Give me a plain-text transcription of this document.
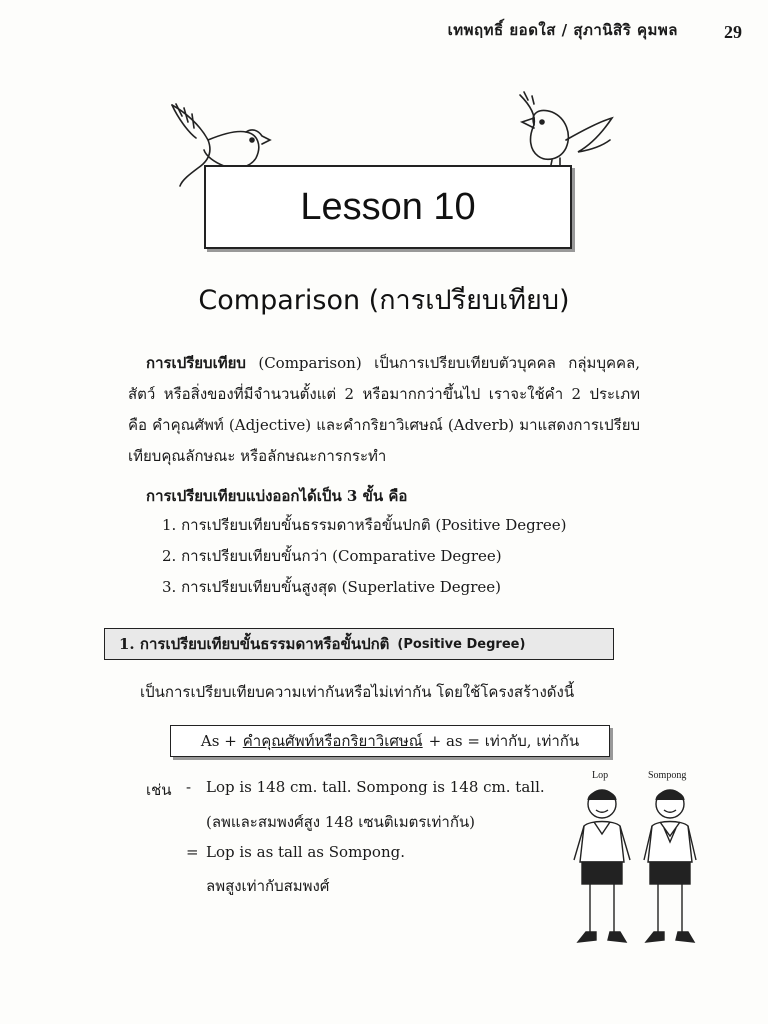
เทพฤทธิ์ ยอดใส / สุภานิสิริ คุมพล	29
Lesson 10
Comparison (การเปรียบเทียบ)
การเปรียบเทียบ (Comparison) เป็นการเปรียบเทียบตัวบุคคล กลุ่มบุคคล, สัตว์ หรือสิ่งของที่มีจำนวนตั้งแต่ 2 หรือมากกว่าขึ้นไป เราจะใช้คำ 2 ประเภท คือ คำคุณศัพท์ (Adjective) และคำกริยาวิเศษณ์ (Adverb) มาแสดงการเปรียบเทียบคุณลักษณะ หรือลักษณะการกระทำ
การเปรียบเทียบแบ่งออกได้เป็น 3 ขั้น คือ
1. การเปรียบเทียบขั้นธรรมดาหรือขั้นปกติ (Positive Degree)
2. การเปรียบเทียบขั้นกว่า (Comparative Degree)
3. การเปรียบเทียบขั้นสูงสุด (Superlative Degree)
1. การเปรียบเทียบขั้นธรรมดาหรือขั้นปกติ (Positive Degree)
เป็นการเปรียบเทียบความเท่ากันหรือไม่เท่ากัน โดยใช้โครงสร้างดังนี้
As + คำคุณศัพท์หรือกริยาวิเศษณ์ + as = เท่ากับ, เท่ากัน
เช่น - Lop is 148 cm. tall. Sompong is 148 cm. tall.
(ลพและสมพงศ์สูง 148 เซนติเมตรเท่ากัน)
= Lop is as tall as Sompong.
ลพสูงเท่ากับสมพงศ์
Lop	Sompong
